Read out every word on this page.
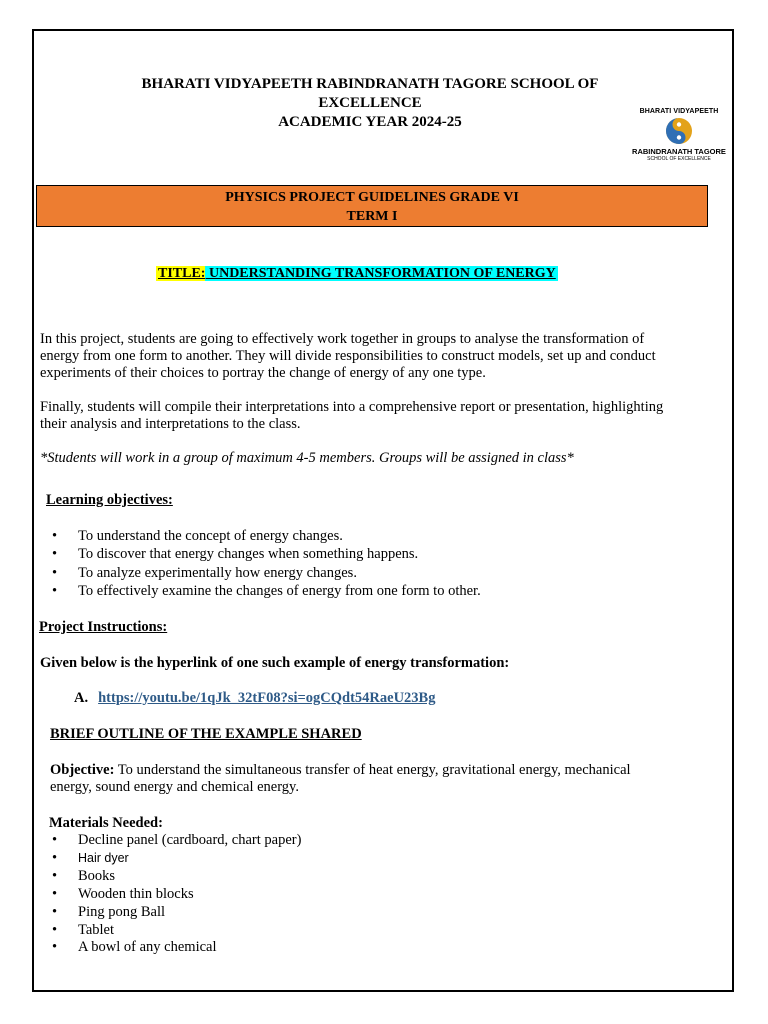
BHARATI VIDYAPEETH RABINDRANATH TAGORE SCHOOL OF
EXCELLENCE
ACADEMIC YEAR 2024-25
BHARATI VIDYAPEETH
RABINDRANATH TAGORE
SCHOOL OF EXCELLENCE
PHYSICS PROJECT GUIDELINES GRADE VI
TERM I
TITLE: UNDERSTANDING TRANSFORMATION OF ENERGY
In this project, students are going to effectively work together in groups to analyse the transformation of
energy from one form to another. They will divide responsibilities to construct models, set up and conduct
experiments of their choices to portray the change of energy of any one type.
Finally, students will compile their interpretations into a comprehensive report or presentation, highlighting
their analysis and interpretations to the class.
*Students will work in a group of maximum 4-5 members. Groups will be assigned in class*
Learning objectives:
• To understand the concept of energy changes.
• To discover that energy changes when something happens.
• To analyze experimentally how energy changes.
• To effectively examine the changes of energy from one form to other.
Project Instructions:
Given below is the hyperlink of one such example of energy transformation:
A. https://youtu.be/1qJk_32tF08?si=ogCQdt54RaeU23Bg
BRIEF OUTLINE OF THE EXAMPLE SHARED
Objective: To understand the simultaneous transfer of heat energy, gravitational energy, mechanical
energy, sound energy and chemical energy.
Materials Needed:
• Decline panel (cardboard, chart paper)
• Hair dyer
• Books
• Wooden thin blocks
• Ping pong Ball
• Tablet
• A bowl of any chemical
